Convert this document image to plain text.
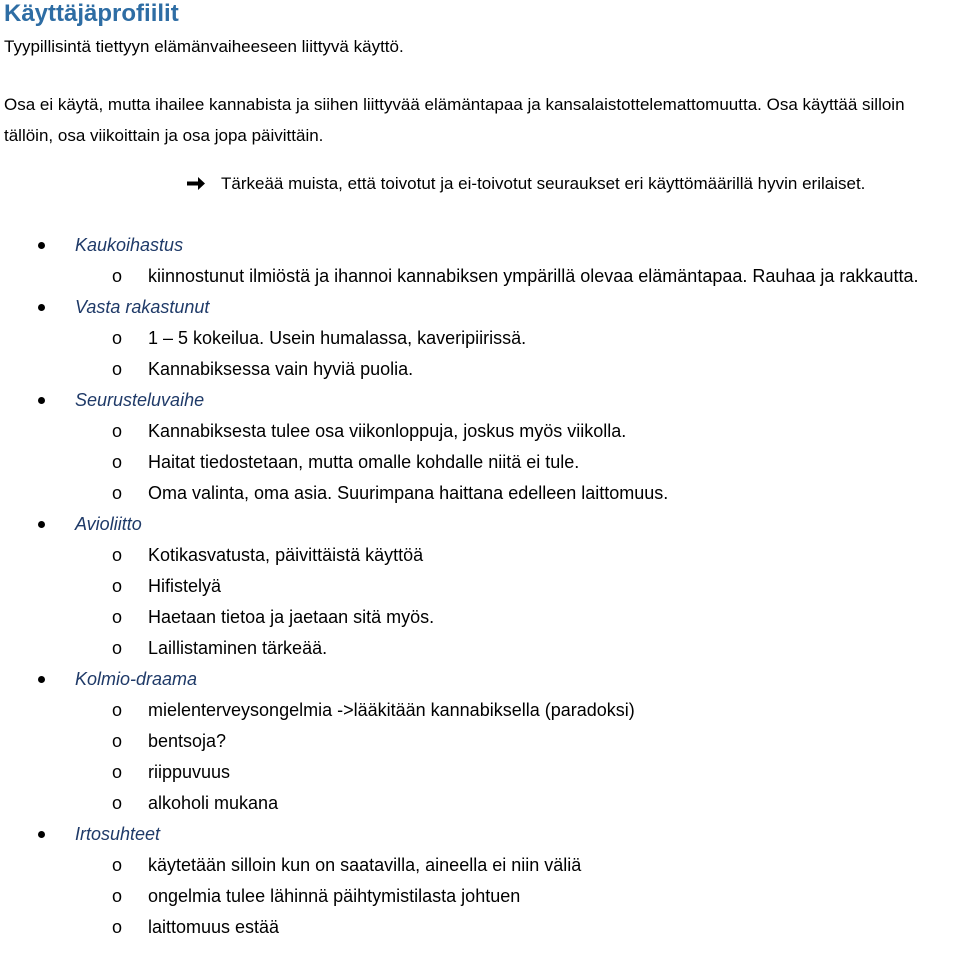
Käyttäjäprofiilit

Tyypillisintä tiettyyn elämänvaiheeseen liittyvä käyttö.

Osa ei käytä, mutta ihailee kannabista ja siihen liittyvää elämäntapaa ja kansalaistottelemattomuutta. Osa käyttää silloin tällöin, osa viikoittain ja osa jopa päivittäin.

Tärkeää muista, että toivotut ja ei-toivotut seuraukset eri käyttömäärillä hyvin erilaiset.
Kaukoihastus
o kiinnostunut ilmiöstä ja ihannoi kannabiksen ympärillä olevaa elämäntapaa. Rauhaa ja rakkautta.
Vasta rakastunut
o 1 – 5 kokeilua. Usein humalassa, kaveripiirissä.
o Kannabiksessa vain hyviä puolia.
Seurusteluvaihe
o Kannabiksesta tulee osa viikonloppuja, joskus myös viikolla.
o Haitat tiedostetaan, mutta omalle kohdalle niitä ei tule.
o Oma valinta, oma asia. Suurimpana haittana edelleen laittomuus.
Avioliitto
o Kotikasvatusta, päivittäistä käyttöä
o Hifistelyä
o Haetaan tietoa ja jaetaan sitä myös.
o Laillistaminen tärkeää.
Kolmio-draama
o mielenterveysongelmia ->lääkitään kannabiksella (paradoksi)
o bentsoja?
o riippuvuus
o alkoholi mukana
Irtosuhteet
o käytetään silloin kun on saatavilla, aineella ei niin väliä
o ongelmia tulee lähinnä päihtymistilasta johtuen
o laittomuus estää
